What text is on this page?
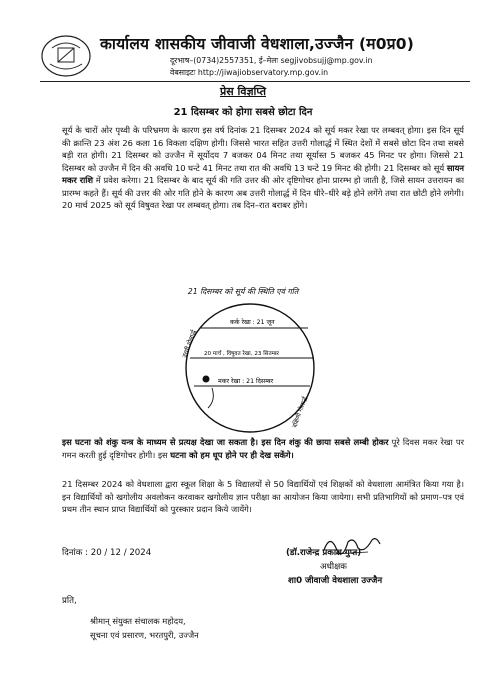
कार्यालय शासकीय जीवाजी वेधशाला,उज्जैन (म0प्र0)
दूरभाष–(0734)2557351, ई–मेलः segjivobsujj@mp.gov.in
वेबसाइटः http://jiwajiobservatory.mp.gov.in
प्रेस विज्ञप्ति
21 दिसम्बर को होगा सबसे छोटा दिन
सूर्य के चारों ओर पृथ्वी के परिभ्रमण के कारण इस वर्ष दिनांक 21 दिसम्बर 2024 को सूर्य मकर रेखा पर लम्बवत् होगा। इस दिन सूर्य की क्रान्ति 23 अंश 26 कला 16 विकला दक्षिण होगी। जिससे भारत सहित उत्तरी गोलार्द्ध में स्थित देशों में सबसे छोटा दिन तथा सबसे बड़ी रात होगी। 21 दिसम्बर को उज्जैन में सूर्योदय 7 बजकर 04 मिनट तथा सूर्यास्त 5 बजकर 45 मिनट पर होगा। जिससे 21 दिसम्बर को उज्जैन में दिन की अवधि 10 घन्टे 41 मिनट तथा रात की अवधि 13 घन्टे 19 मिनट की होगी। 21 दिसम्बर को सूर्य सायन मकर राशि में प्रवेश करेगा। 21 दिसम्बर के बाद सूर्य की गति उत्तर की ओर दृष्टिगोचर होना प्रारम्भ हो जाती है, जिसे सायन उत्तरायन का प्रारम्भ कहते हैं। सूर्य की उत्तर की ओर गति होने के कारण अब उत्तरी गोलार्द्ध में दिन धीरे–धीरे बड़े होने लगेंगे तथा रात छोटी होने लगेगी। 20 मार्च 2025 को सूर्य विषुवत रेखा पर लम्बवत् होगा। तब दिन–रात बराबर होंगे।
21 दिसम्बर को सूर्य की स्थिति एवं गति
कर्क रेखा : 21 जून
20 मार्च , विषुवत रेखा, 23 सितम्बर
मकर रेखा : 21 दिसम्बर
उत्तरी गोलार्द्ध
दक्षिणी गोलार्द्ध
इस घटना को शंकु यन्त्र के माध्यम से प्रत्यक्ष देखा जा सकता है। इस दिन शंकु की छाया सबसे लम्बी होकर पूरे दिवस मकर रेखा पर गमन करती हुई दृष्टिगोचर होगी। इस घटना को हम धूप होने पर ही देख सकेंगे।
21 दिसम्बर 2024 को वेधशाला द्वारा स्कूल शिक्षा के 5 विद्यालयों से 50 विद्यार्थियों एवं शिक्षकों को वेधशाला आमंत्रित किया गया है। इन विद्यार्थियों को खगोलीय अवलोकन करवाकर खगोलीय ज्ञान परीक्षा का आयोजन किया जायेगा। सभी प्रतिभागियों को प्रमाण–पत्र एवं प्रथम तीन स्थान प्राप्त विद्यार्थियों को पुरस्कार प्रदान किये जायेंगे।
दिनांक : 20 / 12 / 2024	(डॉ.राजेन्द्र प्रकाश गुप्त)
अधीक्षक
शा0 जीवाजी वेधशाला उज्जैन
प्रति,
श्रीमान् संयुक्त संचालक महोदय,
सूचना एवं प्रसारण, भरतपुरी, उज्जैन
